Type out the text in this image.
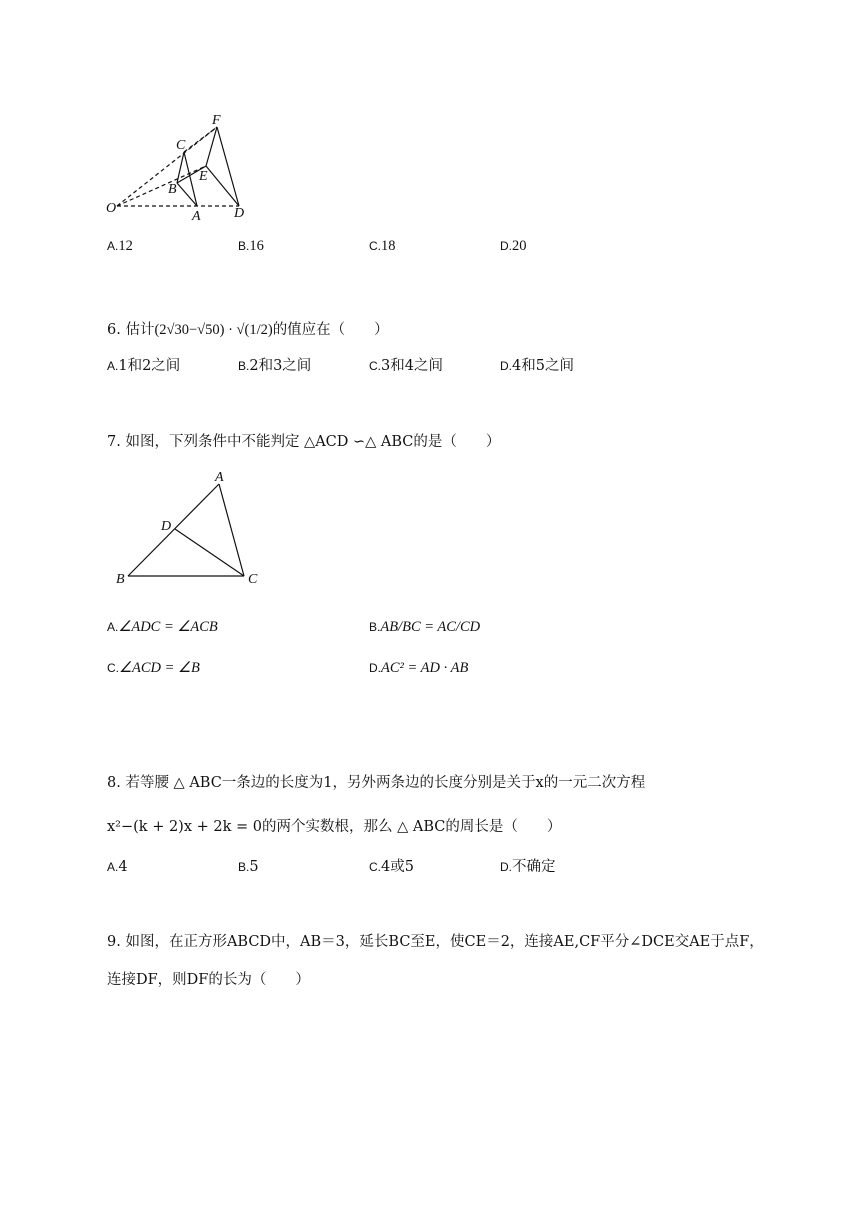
F
C
E
B
O
A D
A.12	B.16	C.18	D.20
6. 估计(2√30−√50) · √(1/2)的值应在（　　）
A.1和2之间	B.2和3之间	C.3和4之间	D.4和5之间
7. 如图，下列条件中不能判定 △ACD ∽△ ABC的是（　　）
A
D
B	C
A.∠ADC = ∠ACB	B.AB/BC = AC/CD
C.∠ACD = ∠B	D.AC² = AD · AB
8. 若等腰 △ ABC一条边的长度为1，另外两条边的长度分别是关于x的一元二次方程
x²−(k + 2)x + 2k = 0的两个实数根，那么 △ ABC的周长是（　　）
A.4	B.5	C.4或5	D.不确定
9. 如图，在正方形ABCD中，AB＝3，延长BC至E，使CE＝2，连接AE,CF平分∠DCE交AE于点F，
连接DF，则DF的长为（　　）
